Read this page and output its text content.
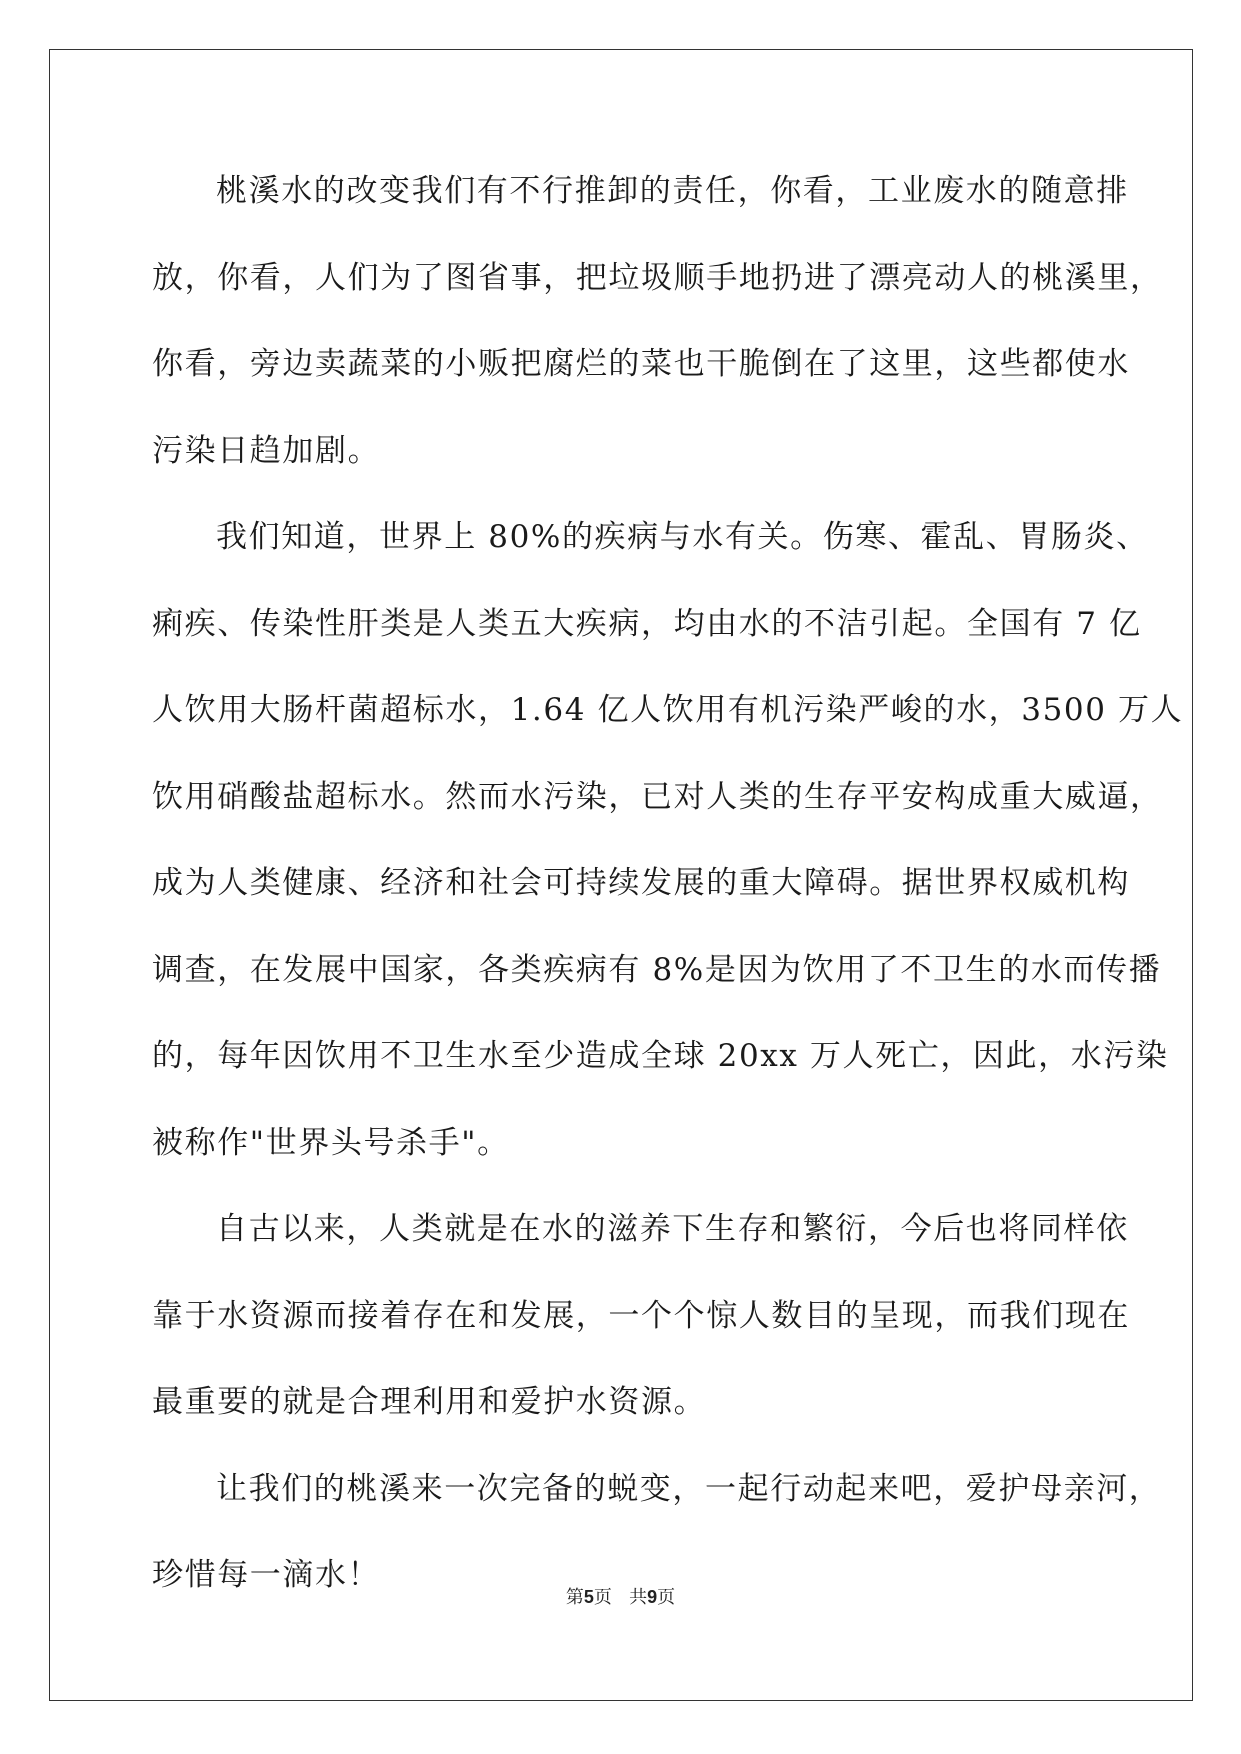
桃溪水的改变我们有不行推卸的责任，你看，工业废水的随意排
放，你看，人们为了图省事，把垃圾顺手地扔进了漂亮动人的桃溪里，
你看，旁边卖蔬菜的小贩把腐烂的菜也干脆倒在了这里，这些都使水
污染日趋加剧。
我们知道，世界上 80%的疾病与水有关。伤寒、霍乱、胃肠炎、
痢疾、传染性肝类是人类五大疾病，均由水的不洁引起。全国有 7 亿
人饮用大肠杆菌超标水，1.64 亿人饮用有机污染严峻的水，3500 万人
饮用硝酸盐超标水。然而水污染，已对人类的生存平安构成重大威逼，
成为人类健康、经济和社会可持续发展的重大障碍。据世界权威机构
调查，在发展中国家，各类疾病有 8%是因为饮用了不卫生的水而传播
的，每年因饮用不卫生水至少造成全球 20xx 万人死亡，因此，水污染
被称作"世界头号杀手"。
自古以来，人类就是在水的滋养下生存和繁衍，今后也将同样依
靠于水资源而接着存在和发展，一个个惊人数目的呈现，而我们现在
最重要的就是合理利用和爱护水资源。
让我们的桃溪来一次完备的蜕变，一起行动起来吧，爱护母亲河，
珍惜每一滴水！
第5页   共9页
